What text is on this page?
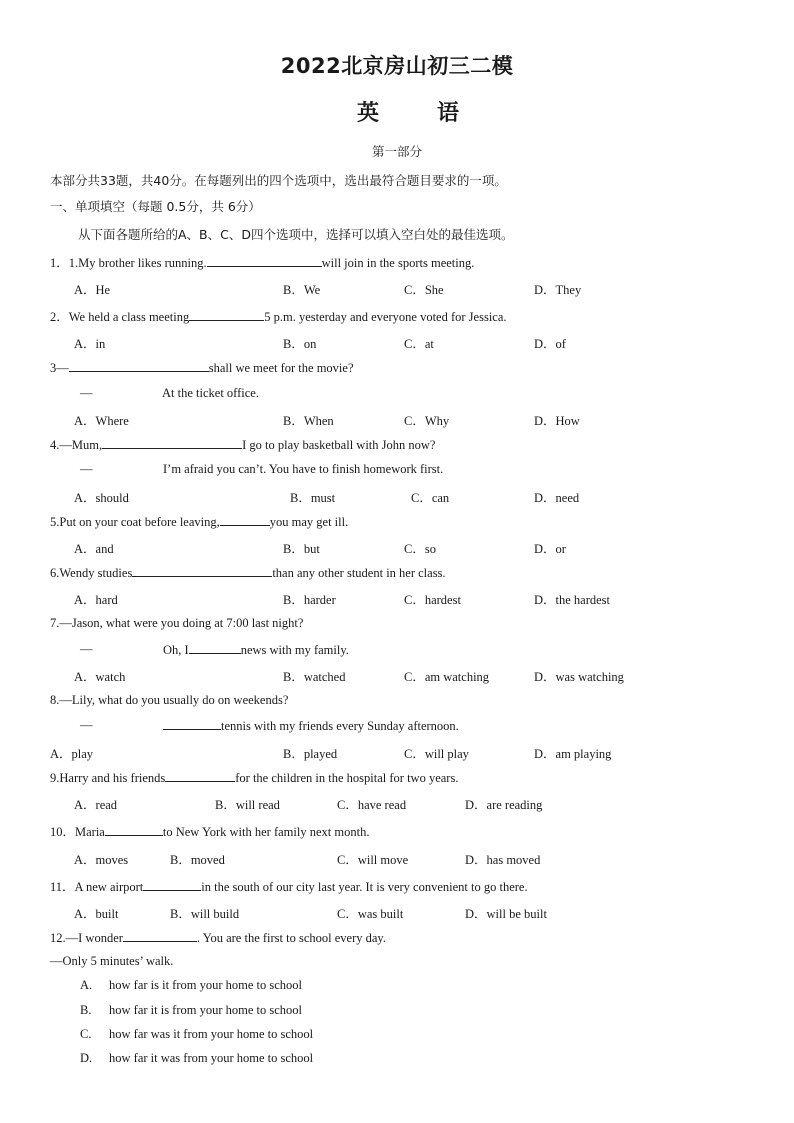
2022北京房山初三二模
英	语
第一部分
本部分共33题，共40分。在每题列出的四个选项中，选出最符合题目要求的一项。
一、单项填空（每题 0.5分，共 6分）
从下面各题所给的A、B、C、D四个选项中，选择可以填入空白处的最佳选项。
1．1.My brother likes running.	will join in the sports meeting.
A．He	B．We	C．She	D．They
2．We held a class meeting	5 p.m. yesterday and everyone voted for Jessica.
A．in	B．on	C．at	D．of
3—	shall we meet for the movie?
—	At the ticket office.
A．Where	B．When	C．Why	D．How
4.—Mum,	I go to play basketball with John now?
—	I’m afraid you can’t. You have to finish homework first.
A．should	B．must	C．can	D．need
5.Put on your coat before leaving,	you may get ill.
A．and	B．but	C．so	D．or
6.Wendy studies	than any other student in her class.
A．hard	B．harder	C．hardest	D．the hardest
7.—Jason, what were you doing at 7:00 last night?
—	Oh, I	news with my family.
A．watch	B．watched	C．am watching	D．was watching
8.—Lily, what do you usually do on weekends?
—	tennis with my friends every Sunday afternoon.
A．play	B．played	C．will play	D．am playing
9.Harry and his friends	for the children in the hospital for two years.
A．read	B．will read	C．have read	D．are reading
10．Maria	to New York with her family next month.
A．moves	B．moved	C．will move	D．has moved
11．A new airport	in the south of our city last year. It is very convenient to go there.
A．built	B．will build	C．was built	D．will be built
12.—I wonder	. You are the first to school every day.
—Only 5 minutes’ walk.
A. how far is it from your home to school
B. how far it is from your home to school
C. how far was it from your home to school
D. how far it was from your home to school
